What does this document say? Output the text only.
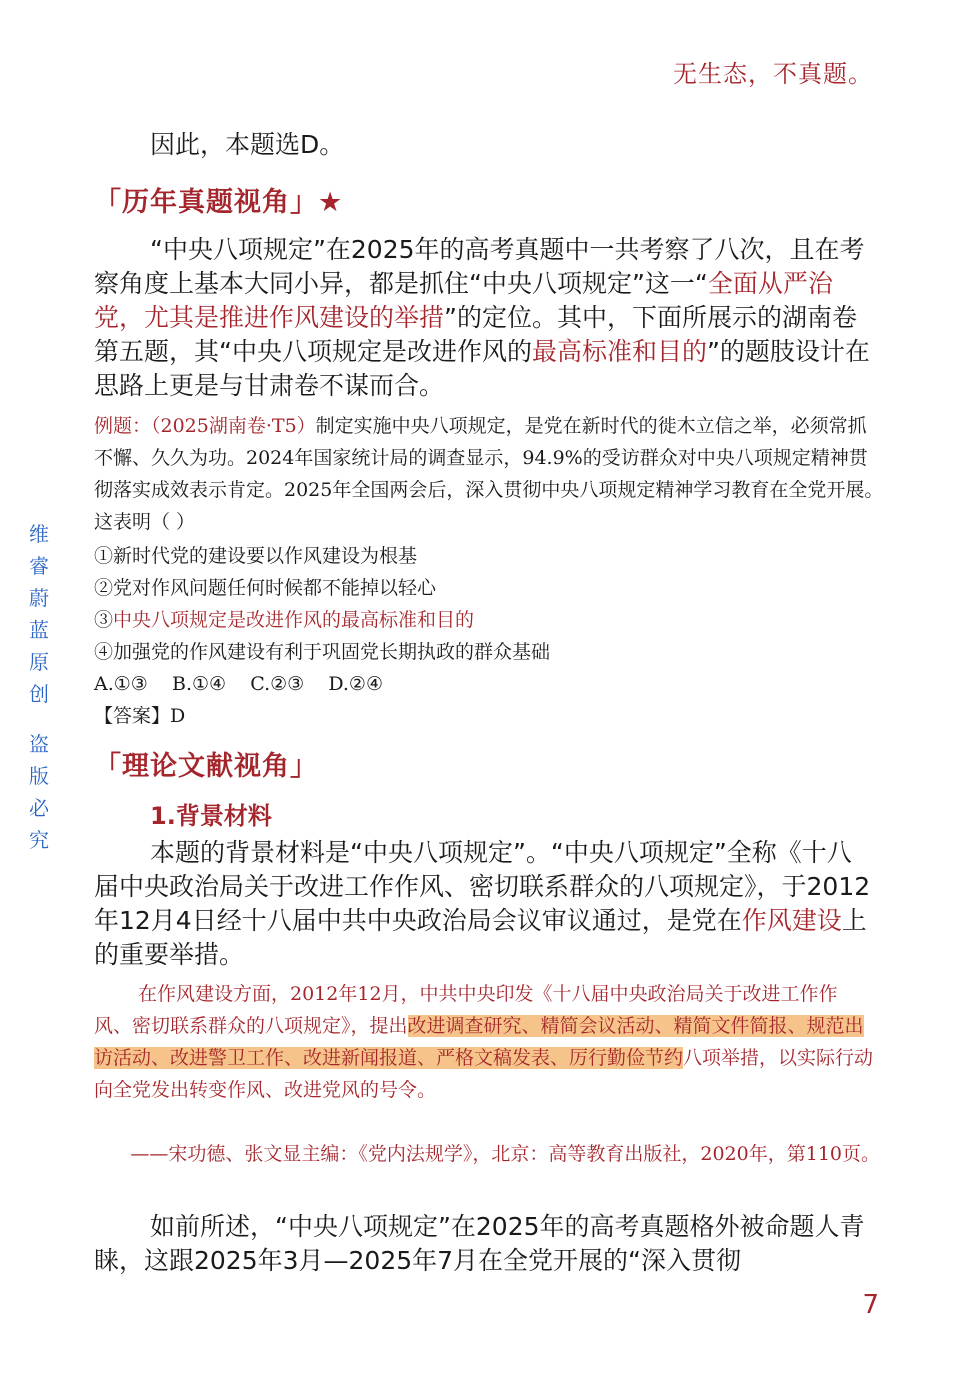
无生态，不真题。
维
睿
蔚
蓝
原
创
盗
版
必
究
因此，本题选D。
「历年真题视角」★
“中央八项规定”在2025年的高考真题中一共考察了八次，且在考察角度上基本大同小异，都是抓住“中央八项规定”这一“全面从严治党，尤其是推进作风建设的举措”的定位。其中，下面所展示的湖南卷第五题，其“中央八项规定是改进作风的最高标准和目的”的题肢设计在思路上更是与甘肃卷不谋而合。
例题：（2025湖南卷·T5）制定实施中央八项规定，是党在新时代的徙木立信之举，必须常抓不懈、久久为功。2024年国家统计局的调查显示，94.9%的受访群众对中央八项规定精神贯彻落实成效表示肯定。2025年全国两会后，深入贯彻中央八项规定精神学习教育在全党开展。这表明（ ）
①新时代党的建设要以作风建设为根基
②党对作风问题任何时候都不能掉以轻心
③中央八项规定是改进作风的最高标准和目的
④加强党的作风建设有利于巩固党长期执政的群众基础
A.①③    B.①④    C.②③    D.②④
【答案】D
「理论文献视角」
1.背景材料
本题的背景材料是“中央八项规定”。“中央八项规定”全称《十八届中央政治局关于改进工作作风、密切联系群众的八项规定》，于2012年12月4日经十八届中共中央政治局会议审议通过，是党在作风建设上的重要举措。
在作风建设方面，2012年12月，中共中央印发《十八届中央政治局关于改进工作作风、密切联系群众的八项规定》，提出改进调查研究、精简会议活动、精简文件简报、规范出访活动、改进警卫工作、改进新闻报道、严格文稿发表、厉行勤俭节约八项举措，以实际行动向全党发出转变作风、改进党风的号令。
——宋功德、张文显主编：《党内法规学》，北京：高等教育出版社，2020年，第110页。
如前所述，“中央八项规定”在2025年的高考真题格外被命题人青睐，这跟2025年3月—2025年7月在全党开展的“深入贯彻
7
